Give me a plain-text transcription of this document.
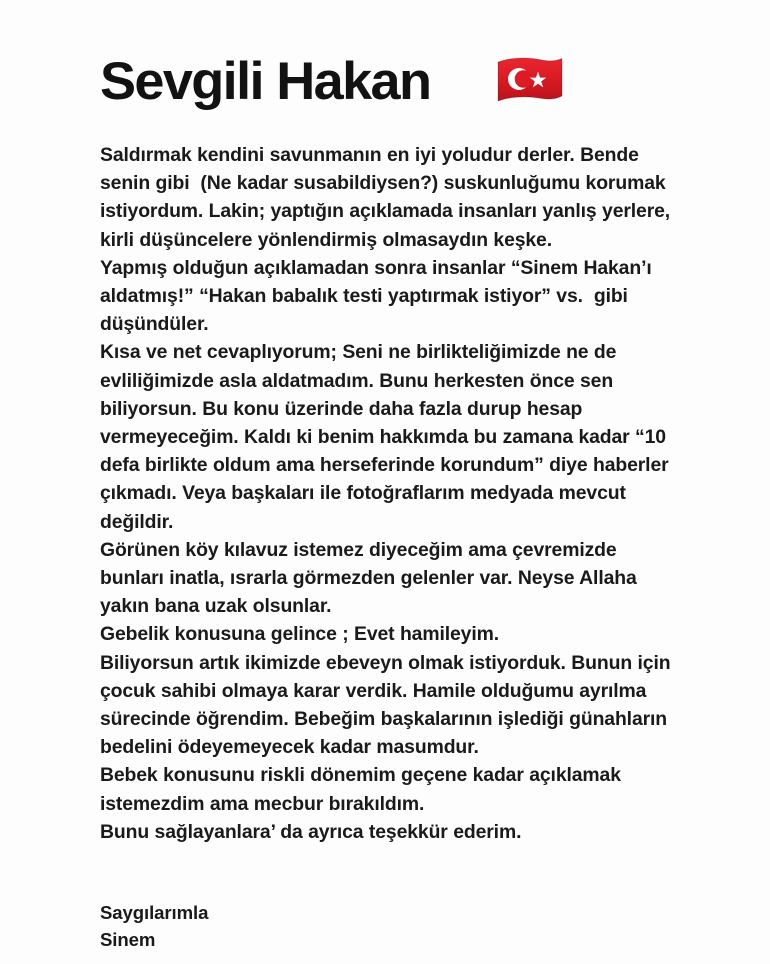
Sevgili Hakan

Saldırmak kendini savunmanın en iyi yoludur derler. Bende senin gibi  (Ne kadar susabildiysen?) suskunluğumu korumak istiyordum. Lakin; yaptığın açıklamada insanları yanlış yerlere, kirli düşüncelere yönlendirmiş olmasaydın keşke.

Yapmış olduğun açıklamadan sonra insanlar “Sinem Hakan’ı aldatmış!” “Hakan babalık testi yaptırmak istiyor” vs.  gibi düşündüler.

Kısa ve net cevaplıyorum; Seni ne birlikteliğimizde ne de evliliğimizde asla aldatmadım. Bunu herkesten önce sen biliyorsun. Bu konu üzerinde daha fazla durup hesap vermeyeceğim. Kaldı ki benim hakkımda bu zamana kadar “10 defa birlikte oldum ama herseferinde korundum” diye haberler çıkmadı. Veya başkaları ile fotoğraflarım medyada mevcut değildir.

Görünen köy kılavuz istemez diyeceğim ama çevremizde bunları inatla, ısrarla görmezden gelenler var. Neyse Allaha yakın bana uzak olsunlar.

Gebelik konusuna gelince ; Evet hamileyim.

Biliyorsun artık ikimizde ebeveyn olmak istiyorduk. Bunun için çocuk sahibi olmaya karar verdik. Hamile olduğumu ayrılma sürecinde öğrendim. Bebeğim başkalarının işlediği günahların bedelini ödeyemeyecek kadar masumdur.

Bebek konusunu riskli dönemim geçene kadar açıklamak istemezdim ama mecbur bırakıldım.

Bunu sağlayanlara’ da ayrıca teşekkür ederim.

Saygılarımla

Sinem
